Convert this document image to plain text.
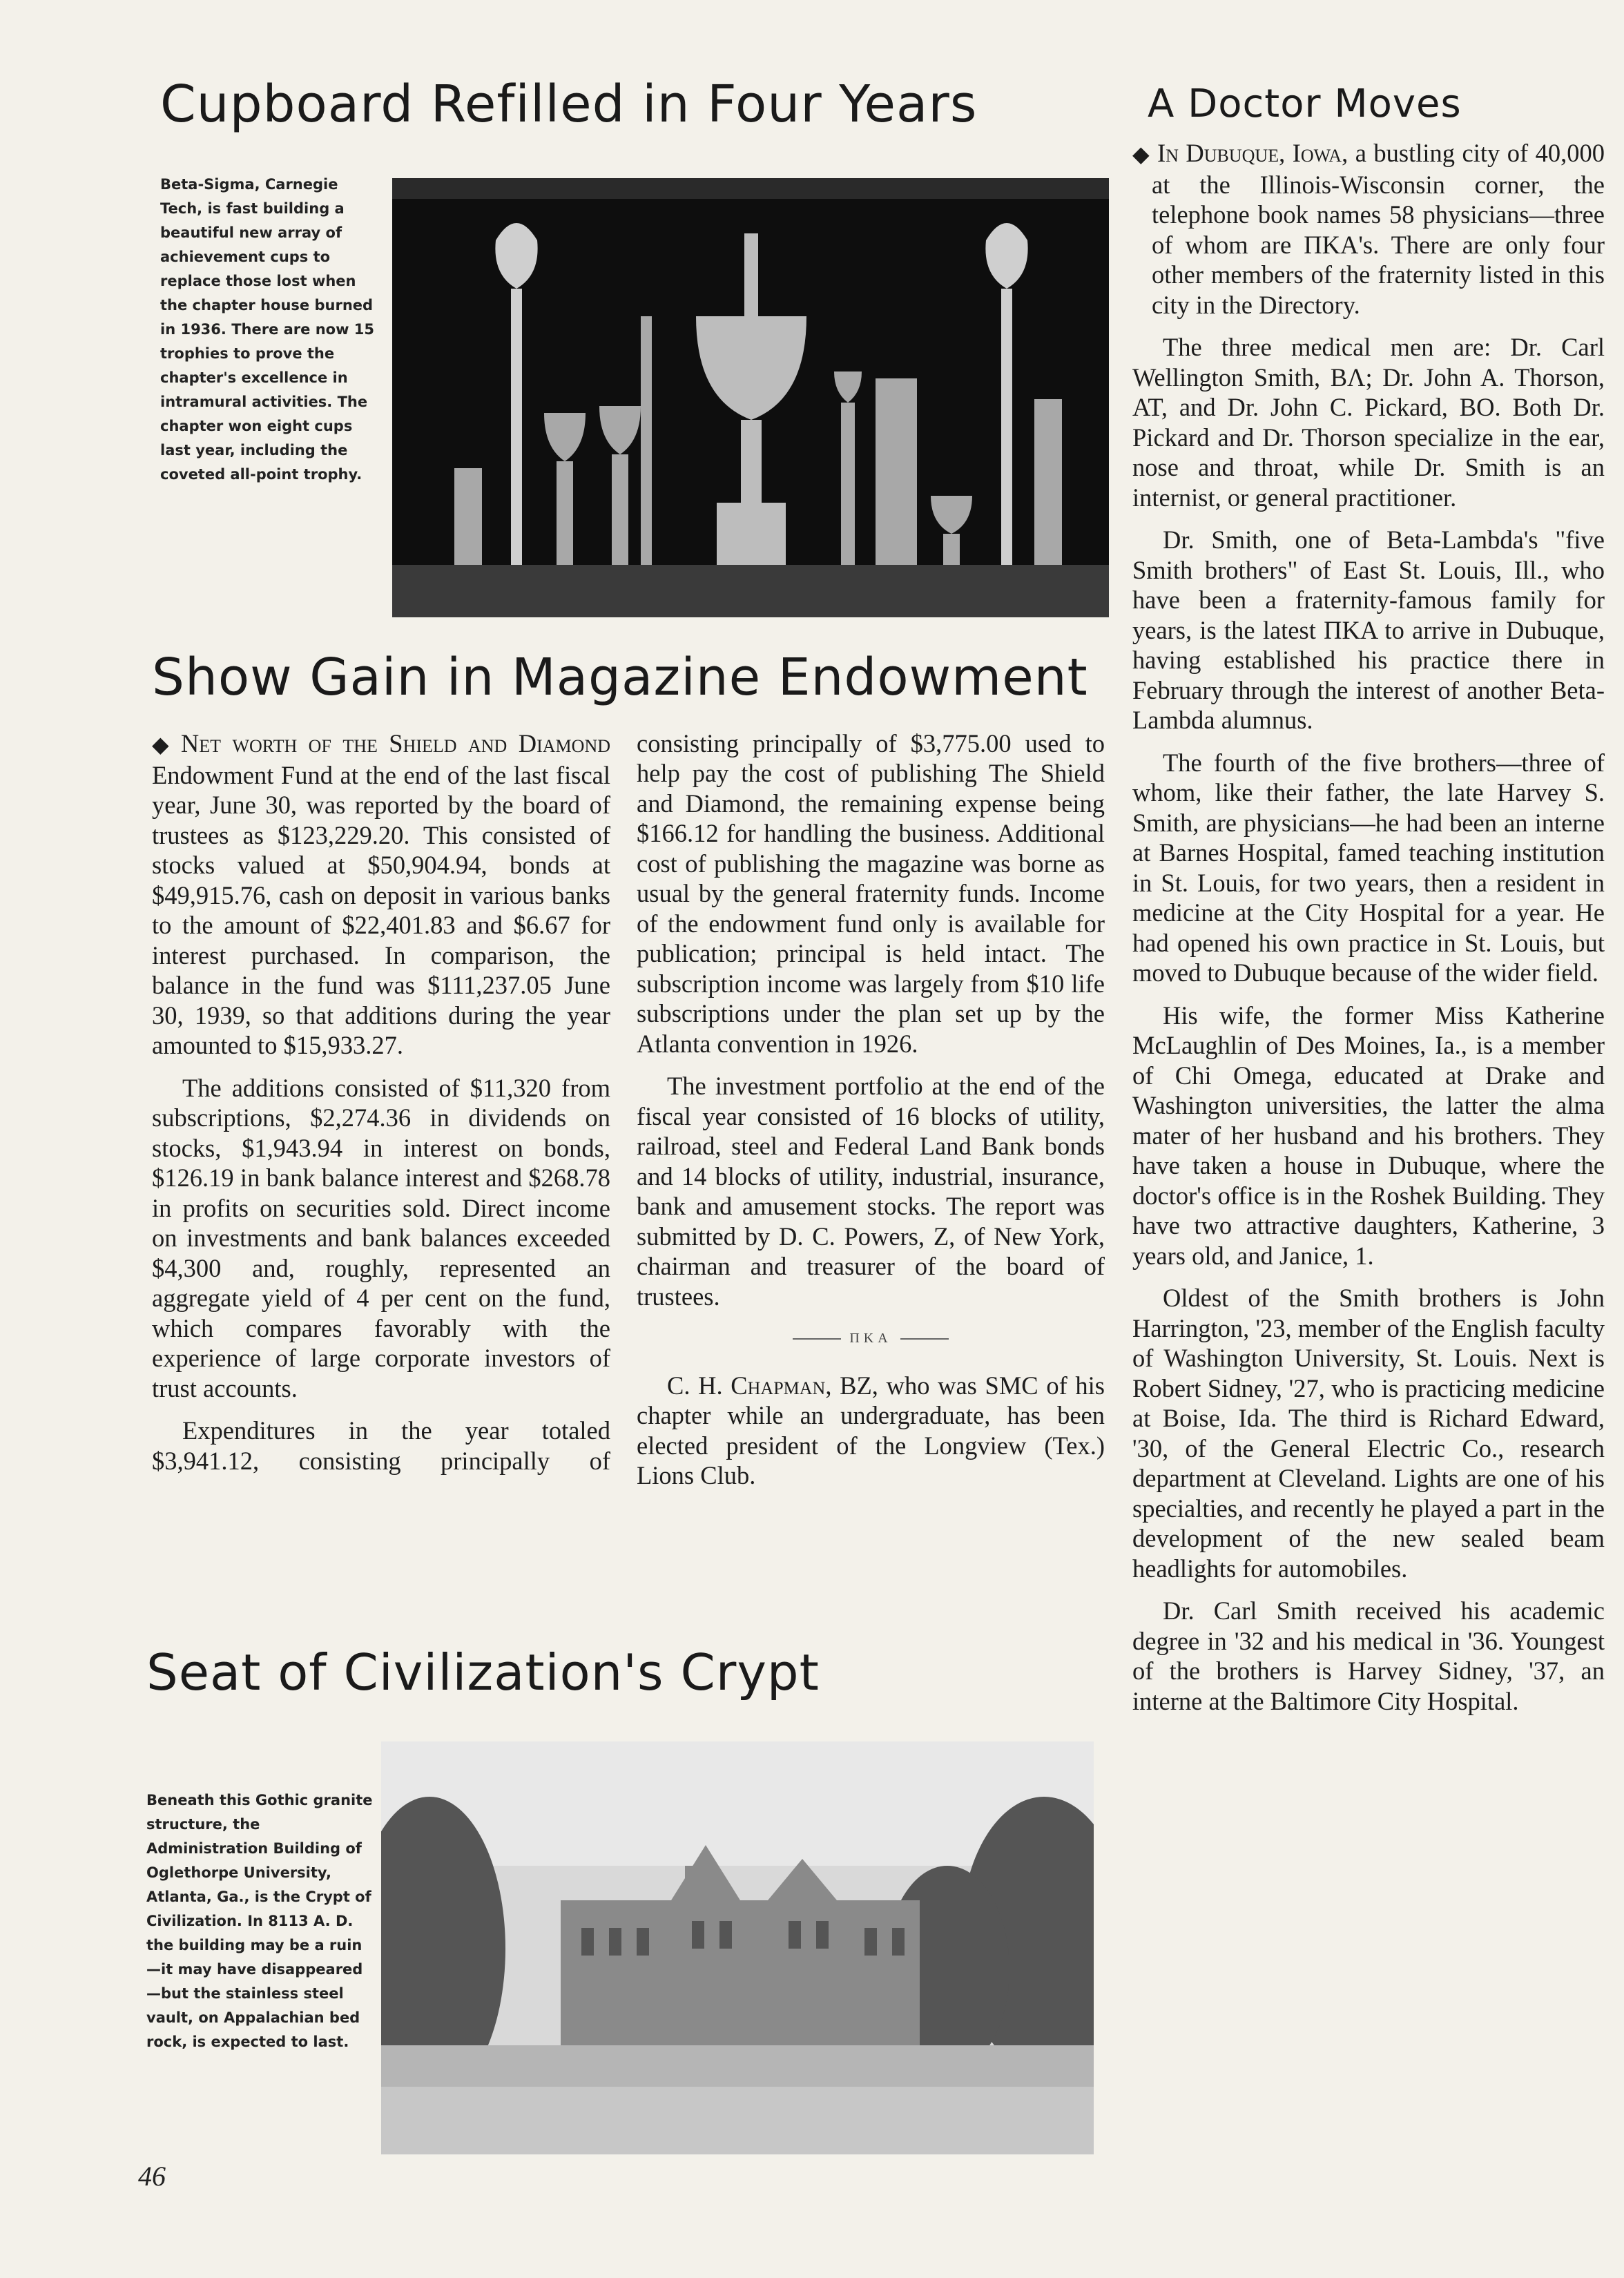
Cupboard Refilled in Four Years

Beta-Sigma, Carnegie Tech, is fast building a beautiful new array of achievement cups to replace those lost when the chapter house burned in 1936. There are now 15 trophies to prove the chapter's excellence in intramural activities. The chapter won eight cups last year, including the coveted all-point trophy.

Show Gain in Magazine Endowment

◆ Net worth of the Shield and Diamond Endowment Fund at the end of the last fiscal year, June 30, was reported by the board of trustees as $123,229.20. This consisted of stocks valued at $50,904.94, bonds at $49,915.76, cash on deposit in various banks to the amount of $22,401.83 and $6.67 for interest purchased. In comparison, the balance in the fund was $111,237.05 June 30, 1939, so that additions during the year amounted to $15,933.27.

The additions consisted of $11,320 from subscriptions, $2,274.36 in dividends on stocks, $1,943.94 in interest on bonds, $126.19 in bank balance interest and $268.78 in profits on securities sold. Direct income on investments and bank balances exceeded $4,300 and, roughly, represented an aggregate yield of 4 per cent on the fund, which compares favorably with the experience of large corporate investors of trust accounts.

Expenditures in the year totaled $3,941.12, consisting principally of

consisting principally of $3,775.00 used to help pay the cost of publishing The Shield and Diamond, the remaining expense being $166.12 for handling the business. Additional cost of publishing the magazine was borne as usual by the general fraternity funds. Income of the endowment fund only is available for publication; principal is held intact. The subscription income was largely from $10 life subscriptions under the plan set up by the Atlanta convention in 1926.

The investment portfolio at the end of the fiscal year consisted of 16 blocks of utility, railroad, steel and Federal Land Bank bonds and 14 blocks of utility, industrial, insurance, bank and amusement stocks. The report was submitted by D. C. Powers, Z, of New York, chairman and treasurer of the board of trustees.

ΠKA

C. H. Chapman, BZ, who was SMC of his chapter while an undergraduate, has been elected president of the Longview (Tex.) Lions Club.

Seat of Civilization's Crypt

Beneath this Gothic granite structure, the Administration Building of Oglethorpe University, Atlanta, Ga., is the Crypt of Civilization. In 8113 A. D. the building may be a ruin—it may have disappeared—but the stainless steel vault, on Appalachian bed rock, is expected to last.

46
A Doctor Moves

◆ In Dubuque, Iowa, a bustling city of 40,000 at the Illinois-Wisconsin corner, the telephone book names 58 physicians—three of whom are ΠKA's. There are only four other members of the fraternity listed in this city in the Directory.

The three medical men are: Dr. Carl Wellington Smith, BΛ; Dr. John A. Thorson, AT, and Dr. John C. Pickard, BO. Both Dr. Pickard and Dr. Thorson specialize in the ear, nose and throat, while Dr. Smith is an internist, or general practitioner.

Dr. Smith, one of Beta-Lambda's "five Smith brothers" of East St. Louis, Ill., who have been a fraternity-famous family for years, is the latest ΠKA to arrive in Dubuque, having established his practice there in February through the interest of another Beta-Lambda alumnus.

The fourth of the five brothers—three of whom, like their father, the late Harvey S. Smith, are physicians—he had been an interne at Barnes Hospital, famed teaching institution in St. Louis, for two years, then a resident in medicine at the City Hospital for a year. He had opened his own practice in St. Louis, but moved to Dubuque because of the wider field.

His wife, the former Miss Katherine McLaughlin of Des Moines, Ia., is a member of Chi Omega, educated at Drake and Washington universities, the latter the alma mater of her husband and his brothers. They have taken a house in Dubuque, where the doctor's office is in the Roshek Building. They have two attractive daughters, Katherine, 3 years old, and Janice, 1.

Oldest of the Smith brothers is John Harrington, '23, member of the English faculty of Washington University, St. Louis. Next is Robert Sidney, '27, who is practicing medicine at Boise, Ida. The third is Richard Edward, '30, of the General Electric Co., research department at Cleveland. Lights are one of his specialties, and recently he played a part in the development of the new sealed beam headlights for automobiles.

Dr. Carl Smith received his academic degree in '32 and his medical in '36. Youngest of the brothers is Harvey Sidney, '37, an interne at the Baltimore City Hospital.
